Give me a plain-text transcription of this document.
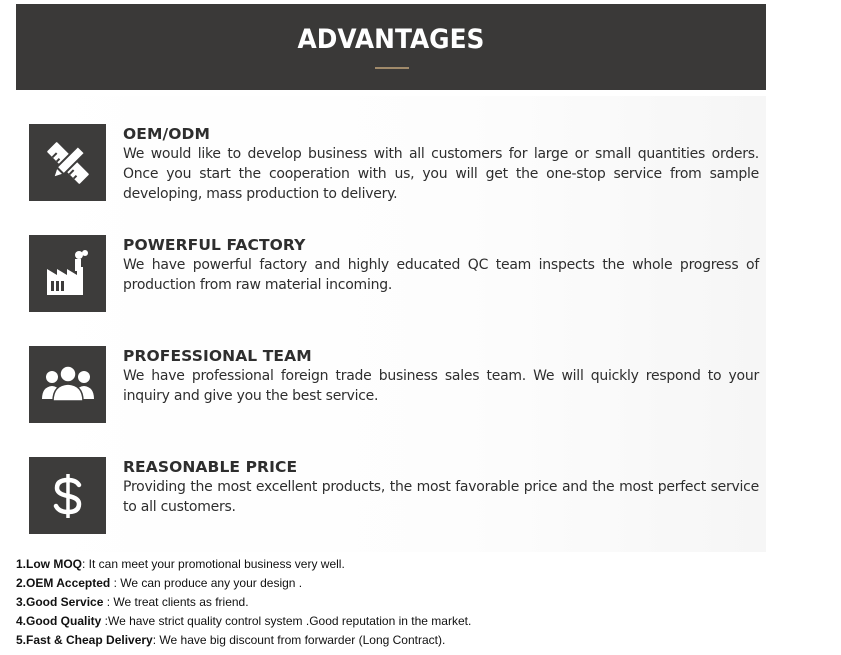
ADVANTAGES
OEM/ODM
We would like to develop business with all customers for large or small quantities orders. Once you start the cooperation with us, you will get the one-stop service from sample developing, mass production to delivery.
POWERFUL FACTORY
We have powerful factory and highly educated QC team inspects the whole progress of production from raw material incoming.
PROFESSIONAL TEAM
We have professional foreign trade business sales team. We will quickly respond to your inquiry and give you the best service.
REASONABLE PRICE
Providing the most excellent products, the most favorable price and the most perfect service to all customers.
1.Low MOQ: It can meet your promotional business very well.
2.OEM Accepted : We can produce any your design .
3.Good Service : We treat clients as friend.
4.Good Quality :We have strict quality control system .Good reputation in the market.
5.Fast & Cheap Delivery: We have big discount from forwarder (Long Contract).
